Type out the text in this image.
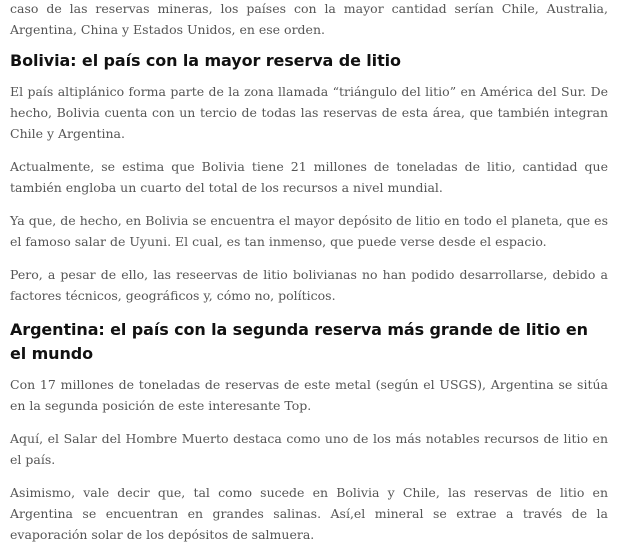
caso de las reservas mineras, los países con la mayor cantidad serían Chile, Australia, Argentina, China y Estados Unidos, en ese orden.

Bolivia: el país con la mayor reserva de litio

El país altiplánico forma parte de la zona llamada “triángulo del litio” en América del Sur. De hecho, Bolivia cuenta con un tercio de todas las reservas de esta área, que también integran Chile y Argentina.

Actualmente, se estima que Bolivia tiene 21 millones de toneladas de litio, cantidad que también engloba un cuarto del total de los recursos a nivel mundial.

Ya que, de hecho, en Bolivia se encuentra el mayor depósito de litio en todo el planeta, que es el famoso salar de Uyuni. El cual, es tan inmenso, que puede verse desde el espacio.

Pero, a pesar de ello, las reseervas de litio bolivianas no han podido desarrollarse, debido a factores técnicos, geográficos y, cómo no, políticos.

Argentina: el país con la segunda reserva más grande de litio en el mundo

Con 17 millones de toneladas de reservas de este metal (según el USGS), Argentina se sitúa en la segunda posición de este interesante Top.

Aquí, el Salar del Hombre Muerto destaca como uno de los más notables recursos de litio en el país.

Asimismo, vale decir que, tal como sucede en Bolivia y Chile, las reservas de litio en Argentina se encuentran en grandes salinas. Así,el mineral se extrae a través de la evaporación solar de los depósitos de salmuera.
